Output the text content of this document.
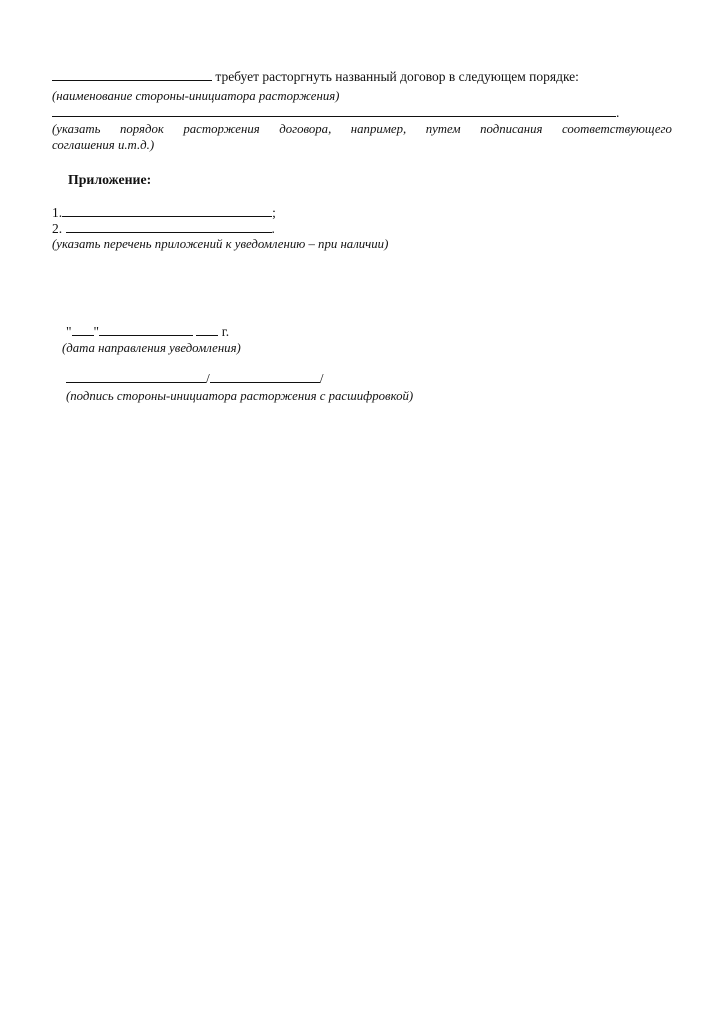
требует расторгнуть названный договор в следующем порядке:
(наименование стороны-инициатора расторжения)
.
(указать порядок расторжения договора, например, путем подписания соответствующего
соглашения и.т.д.)
Приложение:
1.	;
2.	.
(указать перечень приложений к уведомлению – при наличии)
" "	г.
(дата направления уведомления)
/	/
(подпись стороны-инициатора расторжения с расшифровкой)
